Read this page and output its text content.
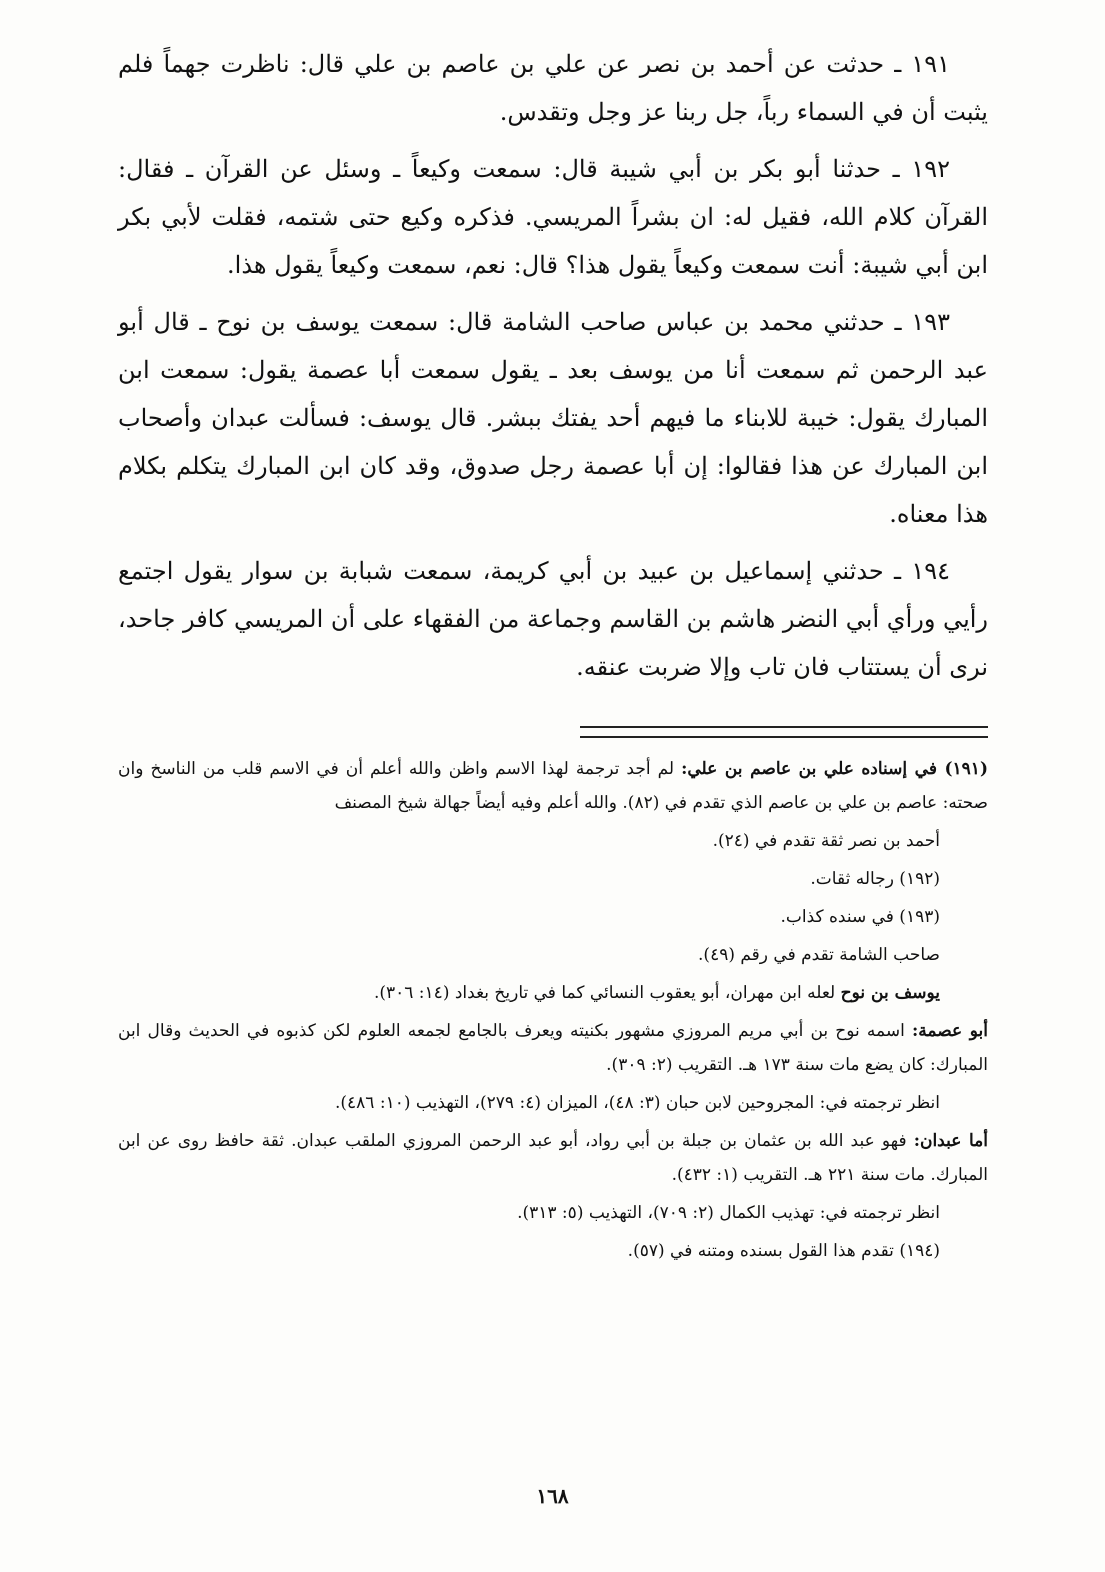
١٩١ ـ حدثت عن أحمد بن نصر عن علي بن عاصم بن علي قال: ناظرت جهماً فلم يثبت أن في السماء رباً، جل ربنا عز وجل وتقدس.

١٩٢ ـ حدثنا أبو بكر بن أبي شيبة قال: سمعت وكيعاً ـ وسئل عن القرآن ـ فقال: القرآن كلام الله، فقيل له: ان بشراً المريسي. فذكره وكيع حتى شتمه، فقلت لأبي بكر ابن أبي شيبة: أنت سمعت وكيعاً يقول هذا؟ قال: نعم، سمعت وكيعاً يقول هذا.

١٩٣ ـ حدثني محمد بن عباس صاحب الشامة قال: سمعت يوسف بن نوح ـ قال أبو عبد الرحمن ثم سمعت أنا من يوسف بعد ـ يقول سمعت أبا عصمة يقول: سمعت ابن المبارك يقول: خيبة للابناء ما فيهم أحد يفتك ببشر. قال يوسف: فسألت عبدان وأصحاب ابن المبارك عن هذا فقالوا: إن أبا عصمة رجل صدوق، وقد كان ابن المبارك يتكلم بكلام هذا معناه.

١٩٤ ـ حدثني إسماعيل بن عبيد بن أبي كريمة، سمعت شبابة بن سوار يقول اجتمع رأيي ورأي أبي النضر هاشم بن القاسم وجماعة من الفقهاء على أن المريسي كافر جاحد، نرى أن يستتاب فان تاب وإلا ضربت عنقه.

(١٩١) في إسناده علي بن عاصم بن علي: لم أجد ترجمة لهذا الاسم واظن والله أعلم أن في الاسم قلب من الناسخ وان صحته: عاصم بن علي بن عاصم الذي تقدم في (٨٢). والله أعلم وفيه أيضاً جهالة شيخ المصنف

أحمد بن نصر ثقة تقدم في (٢٤).

(١٩٢) رجاله ثقات.

(١٩٣) في سنده كذاب.

صاحب الشامة تقدم في رقم (٤٩).

يوسف بن نوح لعله ابن مهران، أبو يعقوب النسائي كما في تاريخ بغداد (١٤: ٣٠٦).

أبو عصمة: اسمه نوح بن أبي مريم المروزي مشهور بكنيته ويعرف بالجامع لجمعه العلوم لكن كذبوه في الحديث وقال ابن المبارك: كان يضع مات سنة ١٧٣ هـ. التقريب (٢: ٣٠٩).

انظر ترجمته في: المجروحين لابن حبان (٣: ٤٨)، الميزان (٤: ٢٧٩)، التهذيب (١٠: ٤٨٦).

أما عبدان: فهو عبد الله بن عثمان بن جبلة بن أبي رواد، أبو عبد الرحمن المروزي الملقب عبدان. ثقة حافظ روى عن ابن المبارك. مات سنة ٢٢١ هـ. التقريب (١: ٤٣٢).

انظر ترجمته في: تهذيب الكمال (٢: ٧٠٩)، التهذيب (٥: ٣١٣).

(١٩٤) تقدم هذا القول بسنده ومتنه في (٥٧).

١٦٨
